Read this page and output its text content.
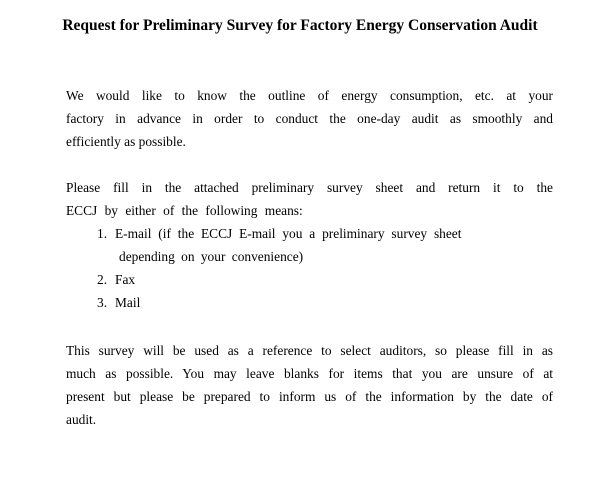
Request for Preliminary Survey for Factory Energy Conservation Audit
We would like to know the outline of energy consumption, etc. at your
factory in advance in order to conduct the one-day audit as smoothly and
efficiently as possible.
Please fill in the attached preliminary survey sheet and return it to the
ECCJ by either of the following means:
1. E-mail (if the ECCJ E-mail you a preliminary survey sheet
depending on your convenience)
2. Fax
3. Mail
This survey will be used as a reference to select auditors, so please fill in as
much as possible. You may leave blanks for items that you are unsure of at
present but please be prepared to inform us of the information by the date of
audit.
